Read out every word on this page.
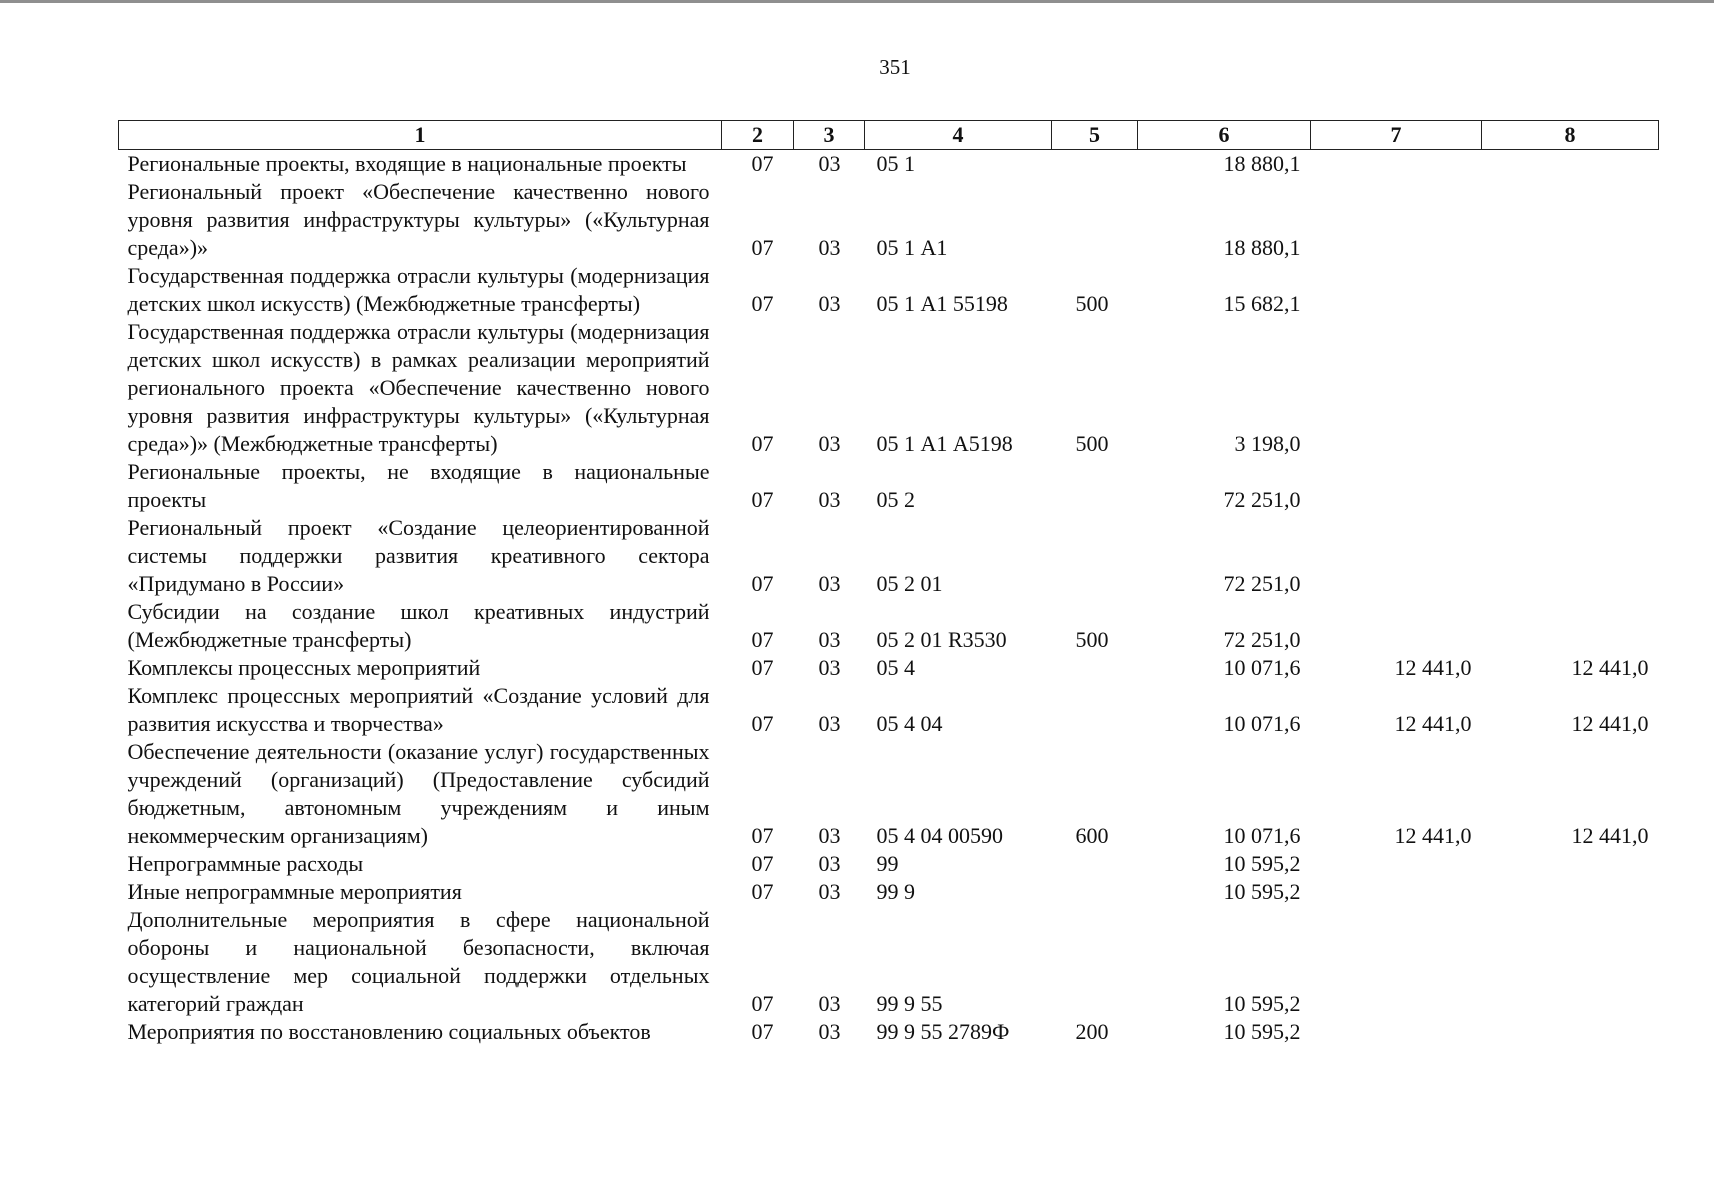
351
1	2	3	4	5	6	7	8
Региональные проекты, входящие в национальные проекты	07	03	05 1		18 880,1		
Региональный проект «Обеспечение качественно нового уровня развития инфраструктуры культуры» («Культурная среда»)»	07	03	05 1 А1		18 880,1		
Государственная поддержка отрасли культуры (модернизация детских школ искусств) (Межбюджетные трансферты)	07	03	05 1 А1 55198	500	15 682,1		
Государственная поддержка отрасли культуры (модернизация детских школ искусств) в рамках реализации мероприятий регионального проекта «Обеспечение качественно нового уровня развития инфраструктуры культуры» («Культурная среда»)» (Межбюджетные трансферты)	07	03	05 1 А1 А5198	500	3 198,0		
Региональные проекты, не входящие в национальные проекты	07	03	05 2		72 251,0		
Региональный проект «Создание целеориентированной системы поддержки развития креативного сектора «Придумано в России»	07	03	05 2 01		72 251,0		
Субсидии на создание школ креативных индустрий (Межбюджетные трансферты)	07	03	05 2 01 R3530	500	72 251,0		
Комплексы процессных мероприятий	07	03	05 4		10 071,6	12 441,0	12 441,0
Комплекс процессных мероприятий «Создание условий для развития искусства и творчества»	07	03	05 4 04		10 071,6	12 441,0	12 441,0
Обеспечение деятельности (оказание услуг) государственных учреждений (организаций) (Предоставление субсидий бюджетным, автономным учреждениям и иным некоммерческим организациям)	07	03	05 4 04 00590	600	10 071,6	12 441,0	12 441,0
Непрограммные расходы	07	03	99		10 595,2		
Иные непрограммные мероприятия	07	03	99 9		10 595,2		
Дополнительные мероприятия в сфере национальной обороны и национальной безопасности, включая осуществление мер социальной поддержки отдельных категорий граждан	07	03	99 9 55		10 595,2		
Мероприятия по восстановлению социальных объектов	07	03	99 9 55 2789Ф	200	10 595,2		
